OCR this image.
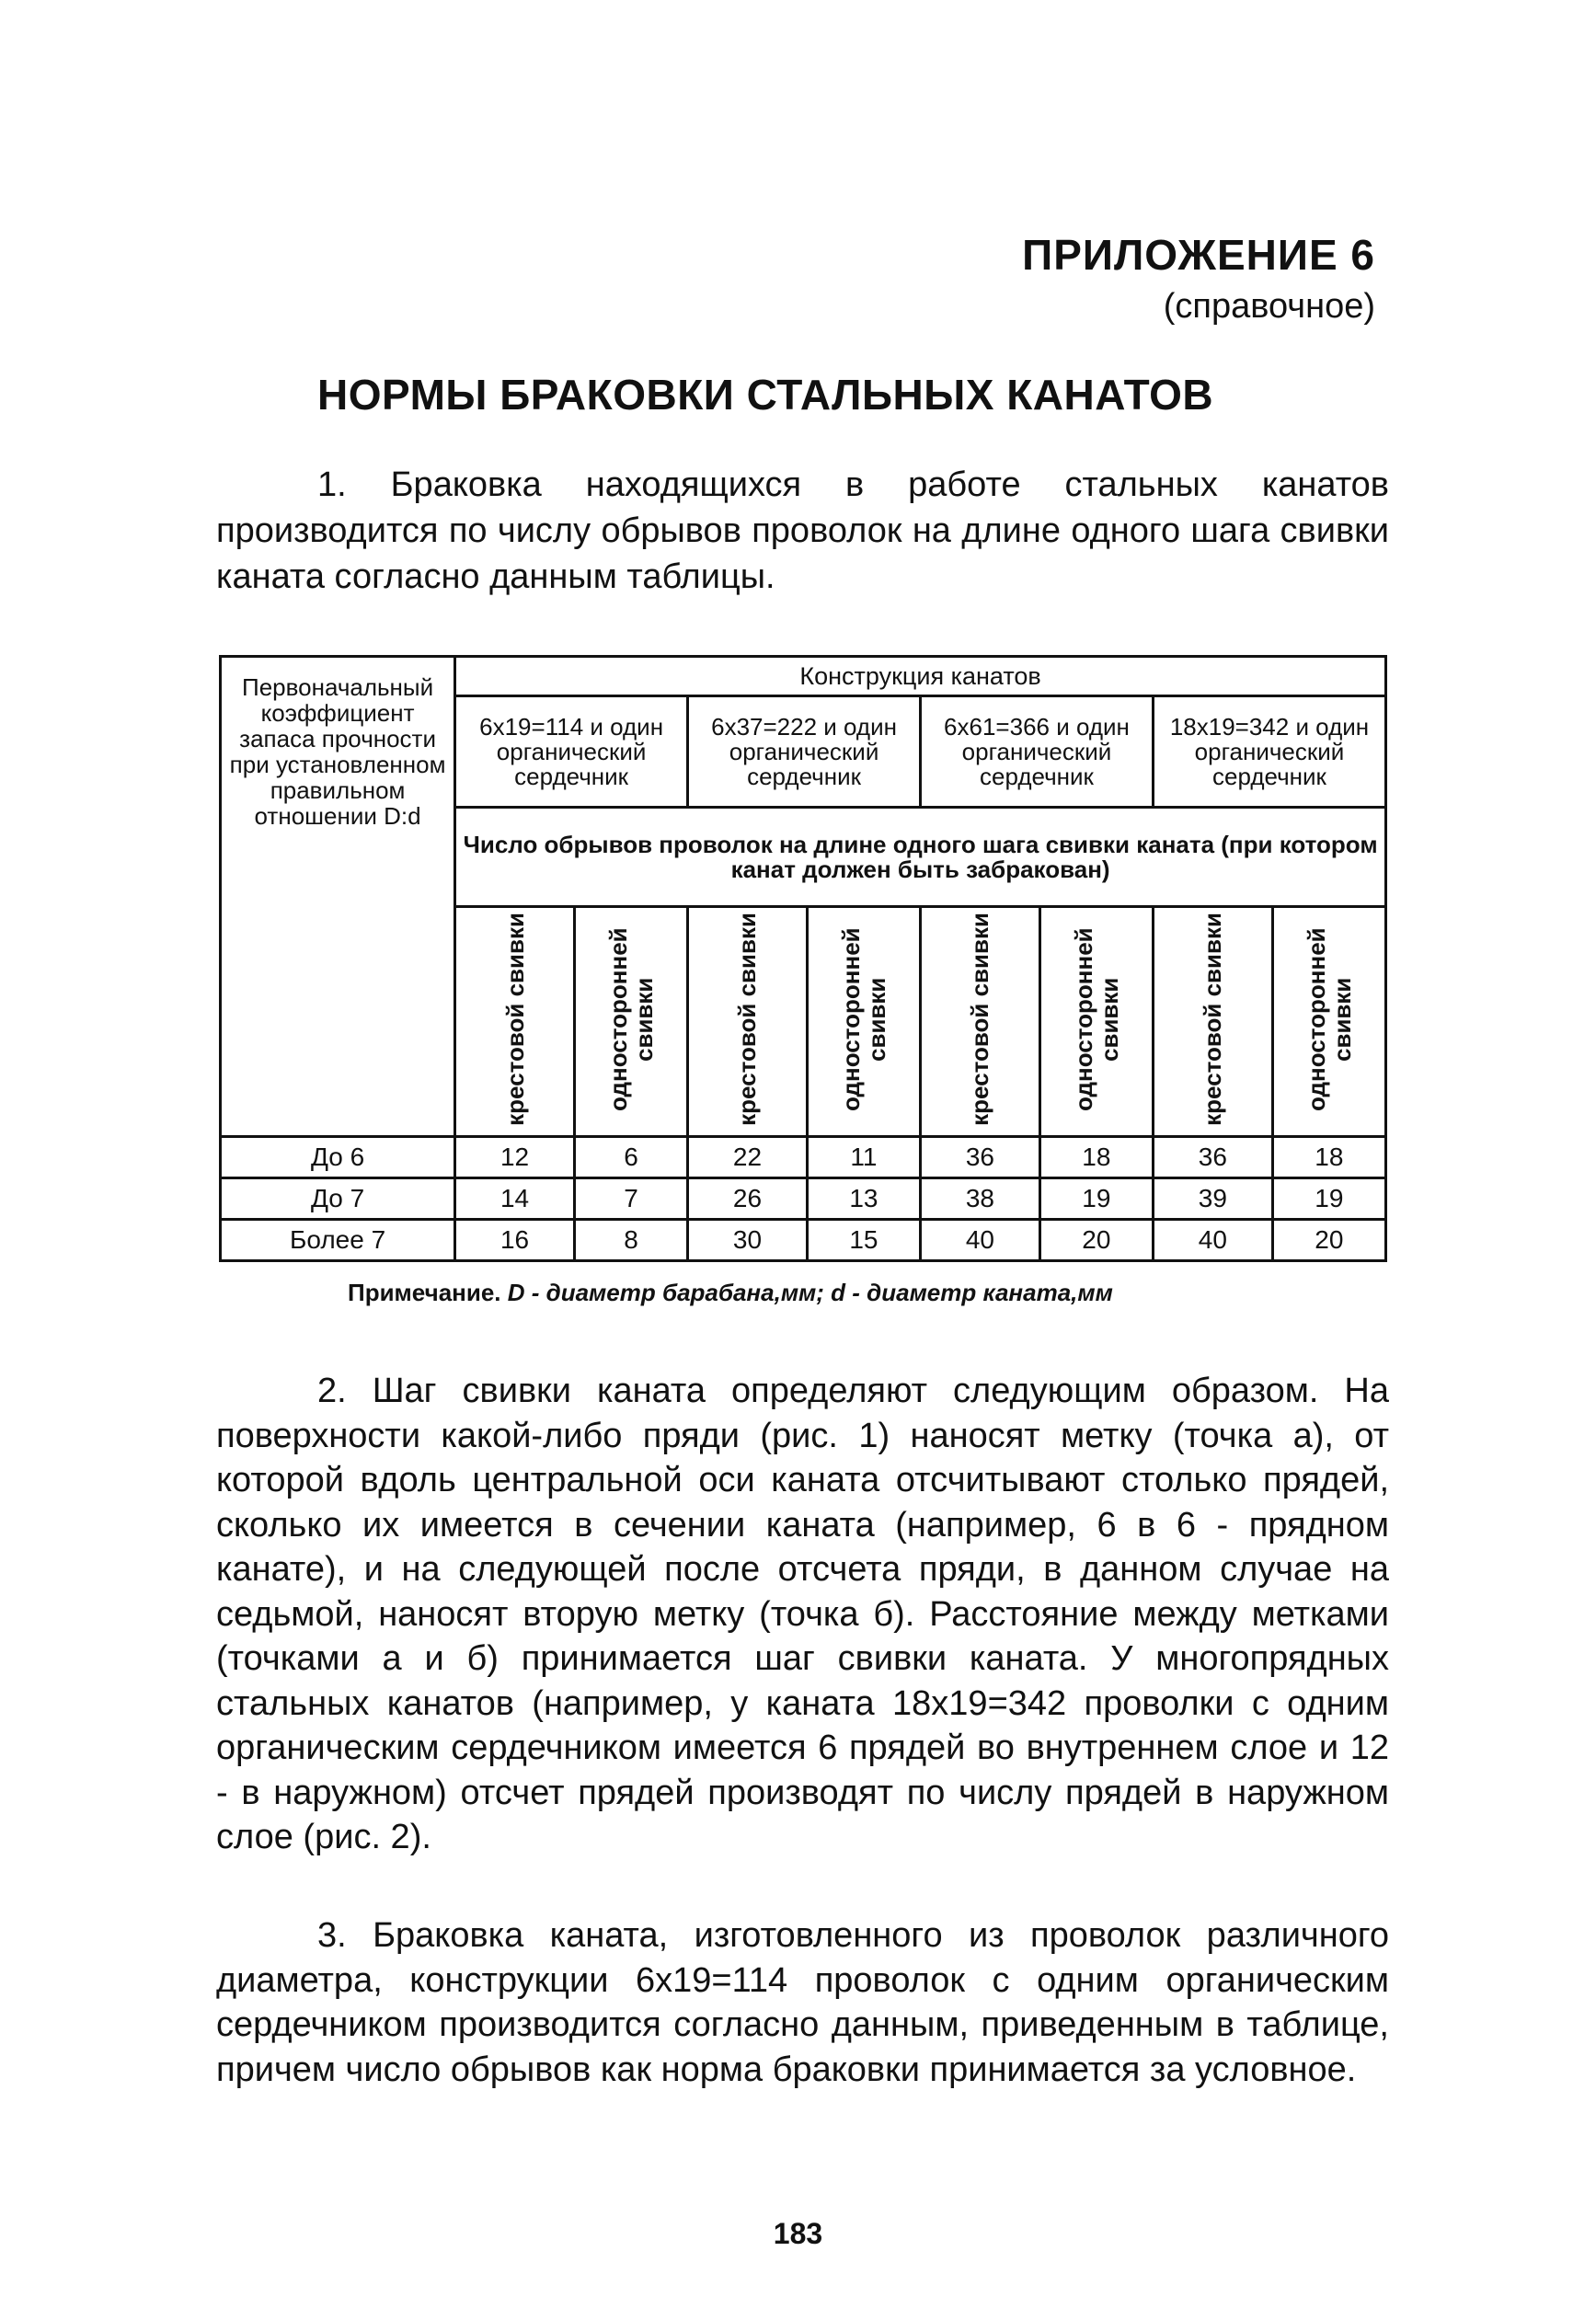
ПРИЛОЖЕНИЕ 6
(справочное)
НОРМЫ БРАКОВКИ СТАЛЬНЫХ КАНАТОВ
1. Браковка находящихся в работе стальных канатов производится по числу обрывов проволок на длине одного шага свивки каната согласно данным таблицы.
Первоначальный коэффициент запаса прочности при установленном правильном отношении D:d	Конструкция канатов							
	6х19=114 и один органический сердечник		6х37=222 и один органический сердечник		6х61=366 и один органический сердечник		18х19=342 и один органический сердечник	
	Число обрывов проволок на длине одного шага свивки каната (при котором канат должен быть забракован)							
	крестовой свивки	односторонней свивки	крестовой свивки	односторонней свивки	крестовой свивки	односторонней свивки	крестовой свивки	односторонней свивки
До 6	12	6	22	11	36	18	36	18
До 7	14	7	26	13	38	19	39	19
Более 7	16	8	30	15	40	20	40	20
Примечание. D - диаметр барабана,мм; d - диаметр каната,мм
2. Шаг свивки каната определяют следующим образом. На поверхности какой-либо пряди (рис. 1) наносят метку (точка а), от которой вдоль центральной оси каната отсчитывают столько прядей, сколько их имеется в сечении каната (например, 6 в 6 - прядном канате), и на следующей после отсчета пряди, в данном случае на седьмой, наносят вторую метку (точка б). Расстояние между метками (точками а и б) принимается шаг свивки каната. У многопрядных стальных канатов (например, у каната 18х19=342 проволки с одним органическим сердечником имеется 6 прядей во внутреннем слое и 12 - в наружном) отсчет прядей производят по числу прядей в наружном слое (рис. 2).
3. Браковка каната, изготовленного из проволок различного диаметра, конструкции 6х19=114 проволок с одним органическим сердечником производится согласно данным, приведенным в таблице, причем число обрывов как норма браковки принимается за условное.
183
